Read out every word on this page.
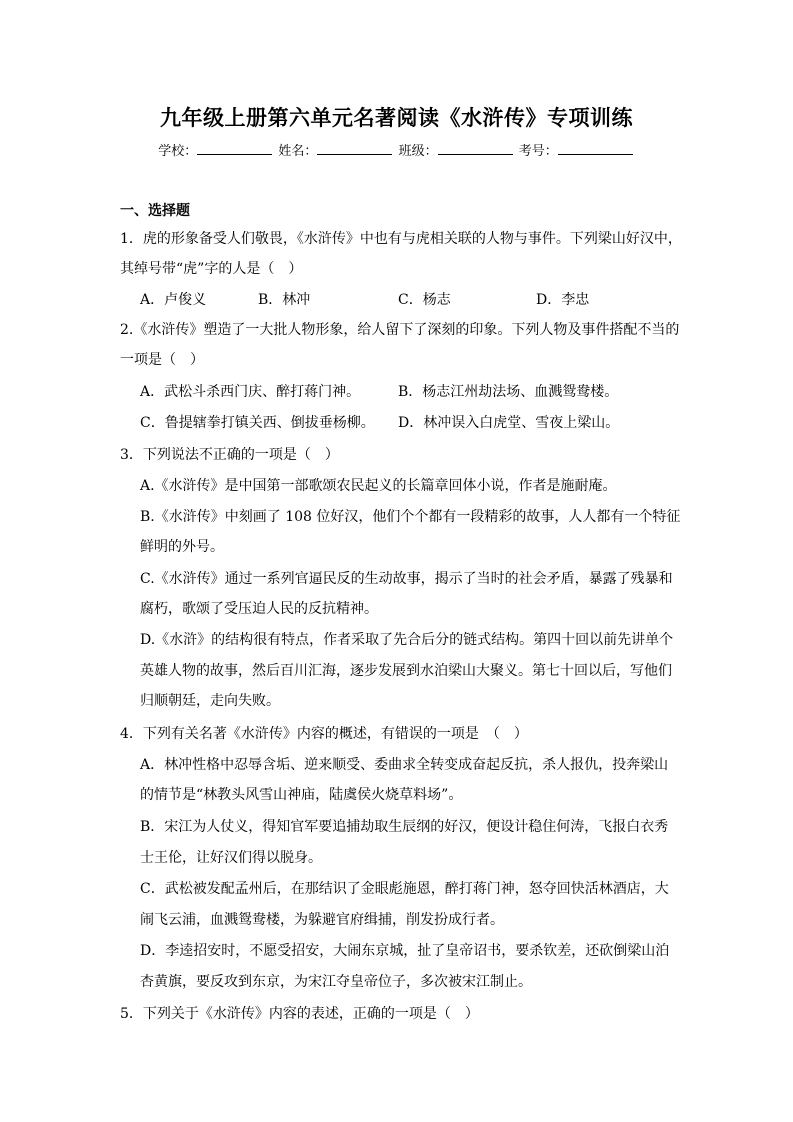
九年级上册第六单元名著阅读《水浒传》专项训练
学校：	姓名：	班级：	考号：
一、选择题
1．虎的形象备受人们敬畏，《水浒传》中也有与虎相关联的人物与事件。下列梁山好汉中，
其绰号带“虎”字的人是（　）
A．卢俊义	B．林冲	C．杨志	D．李忠
2.《水浒传》塑造了一大批人物形象，给人留下了深刻的印象。下列人物及事件搭配不当的
一项是（　）
A．武松斗杀西门庆、醉打蒋门神。	B．杨志江州劫法场、血溅鸳鸯楼。
C．鲁提辖拳打镇关西、倒拔垂杨柳。 D．林冲误入白虎堂、雪夜上梁山。
3．下列说法不正确的一项是（　）
A.《水浒传》是中国第一部歌颂农民起义的长篇章回体小说，作者是施耐庵。
B.《水浒传》中刻画了 108 位好汉，他们个个都有一段精彩的故事，人人都有一个特征
鲜明的外号。
C.《水浒传》通过一系列官逼民反的生动故事，揭示了当时的社会矛盾，暴露了残暴和
腐朽，歌颂了受压迫人民的反抗精神。
D.《水浒》的结构很有特点，作者采取了先合后分的链式结构。第四十回以前先讲单个
英雄人物的故事，然后百川汇海，逐步发展到水泊梁山大聚义。第七十回以后，写他们
归顺朝廷，走向失败。
4．下列有关名著《水浒传》内容的概述，有错误的一项是　（　）
A．林冲性格中忍辱含垢、逆来顺受、委曲求全转变成奋起反抗，杀人报仇，投奔梁山
的情节是“林教头风雪山神庙，陆虞侯火烧草料场”。
B．宋江为人仗义，得知官军要追捕劫取生辰纲的好汉，便设计稳住何涛，飞报白衣秀
士王伦，让好汉们得以脱身。
C．武松被发配孟州后，在那结识了金眼彪施恩，醉打蒋门神，怒夺回快活林酒店，大
闹飞云浦，血溅鸳鸯楼，为躲避官府缉捕，削发扮成行者。
D．李逵招安时，不愿受招安，大闹东京城，扯了皇帝诏书，要杀钦差，还砍倒梁山泊
杏黄旗，要反攻到东京，为宋江夺皇帝位子，多次被宋江制止。
5．下列关于《水浒传》内容的表述，正确的一项是（　）
